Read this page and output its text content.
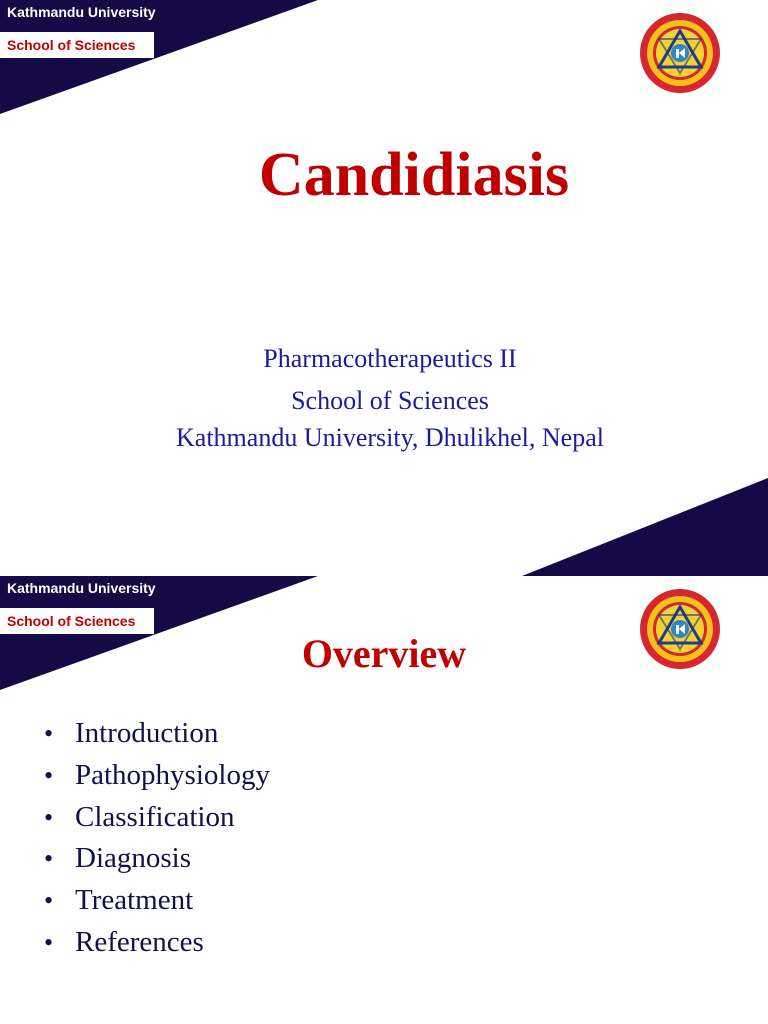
Kathmandu University
School of Sciences
Candidiasis
Pharmacotherapeutics II
School of Sciences
Kathmandu University, Dhulikhel, Nepal
Kathmandu University
School of Sciences
Overview
• Introduction
• Pathophysiology
• Classification
• Diagnosis
• Treatment
• References
